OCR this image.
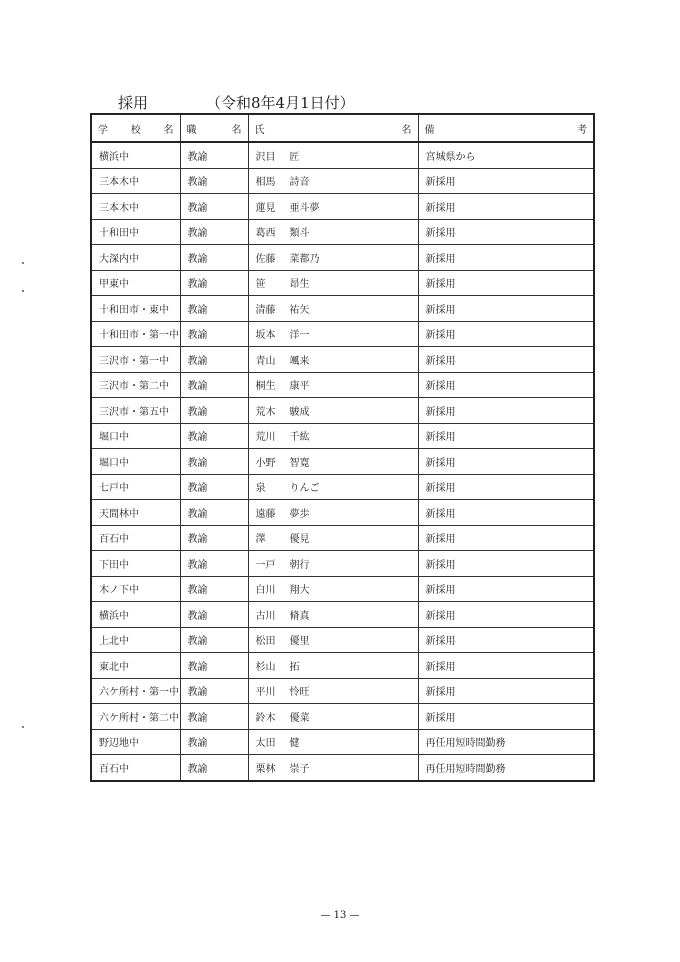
採用	（令和8年4月1日付）
学 校 名	職 名	氏 名	備 考

横浜中	教諭	沢目 匠	宮城県から
三本木中	教諭	相馬 詩音	新採用
三本木中	教諭	蓮見 亜斗夢	新採用
十和田中	教諭	葛西 類斗	新採用
大深内中	教諭	佐藤 菜都乃	新採用
甲東中	教諭	笹 昂生	新採用
十和田市・東中	教諭	清藤 祐矢	新採用
十和田市・第一中	教諭	坂本 洋一	新採用
三沢市・第一中	教諭	青山 颯来	新採用
三沢市・第二中	教諭	桐生 康平	新採用
三沢市・第五中	教諭	荒木 駿成	新採用
堀口中	教諭	荒川 千紘	新採用
堀口中	教諭	小野 智寛	新採用
七戸中	教諭	泉 りんご	新採用
天間林中	教諭	遠藤 夢歩	新採用
百石中	教諭	澤 優見	新採用
下田中	教諭	一戸 朝行	新採用
木ノ下中	教諭	白川 翔大	新採用
横浜中	教諭	古川 脩真	新採用
上北中	教諭	松田 優里	新採用
東北中	教諭	杉山 拓	新採用
六ケ所村・第一中	教諭	平川 怜旺	新採用
六ケ所村・第二中	教諭	鈴木 優菜	新採用
野辺地中	教諭	太田 健	再任用短時間勤務
百石中	教諭	栗林 崇子	再任用短時間勤務
— 13 —
